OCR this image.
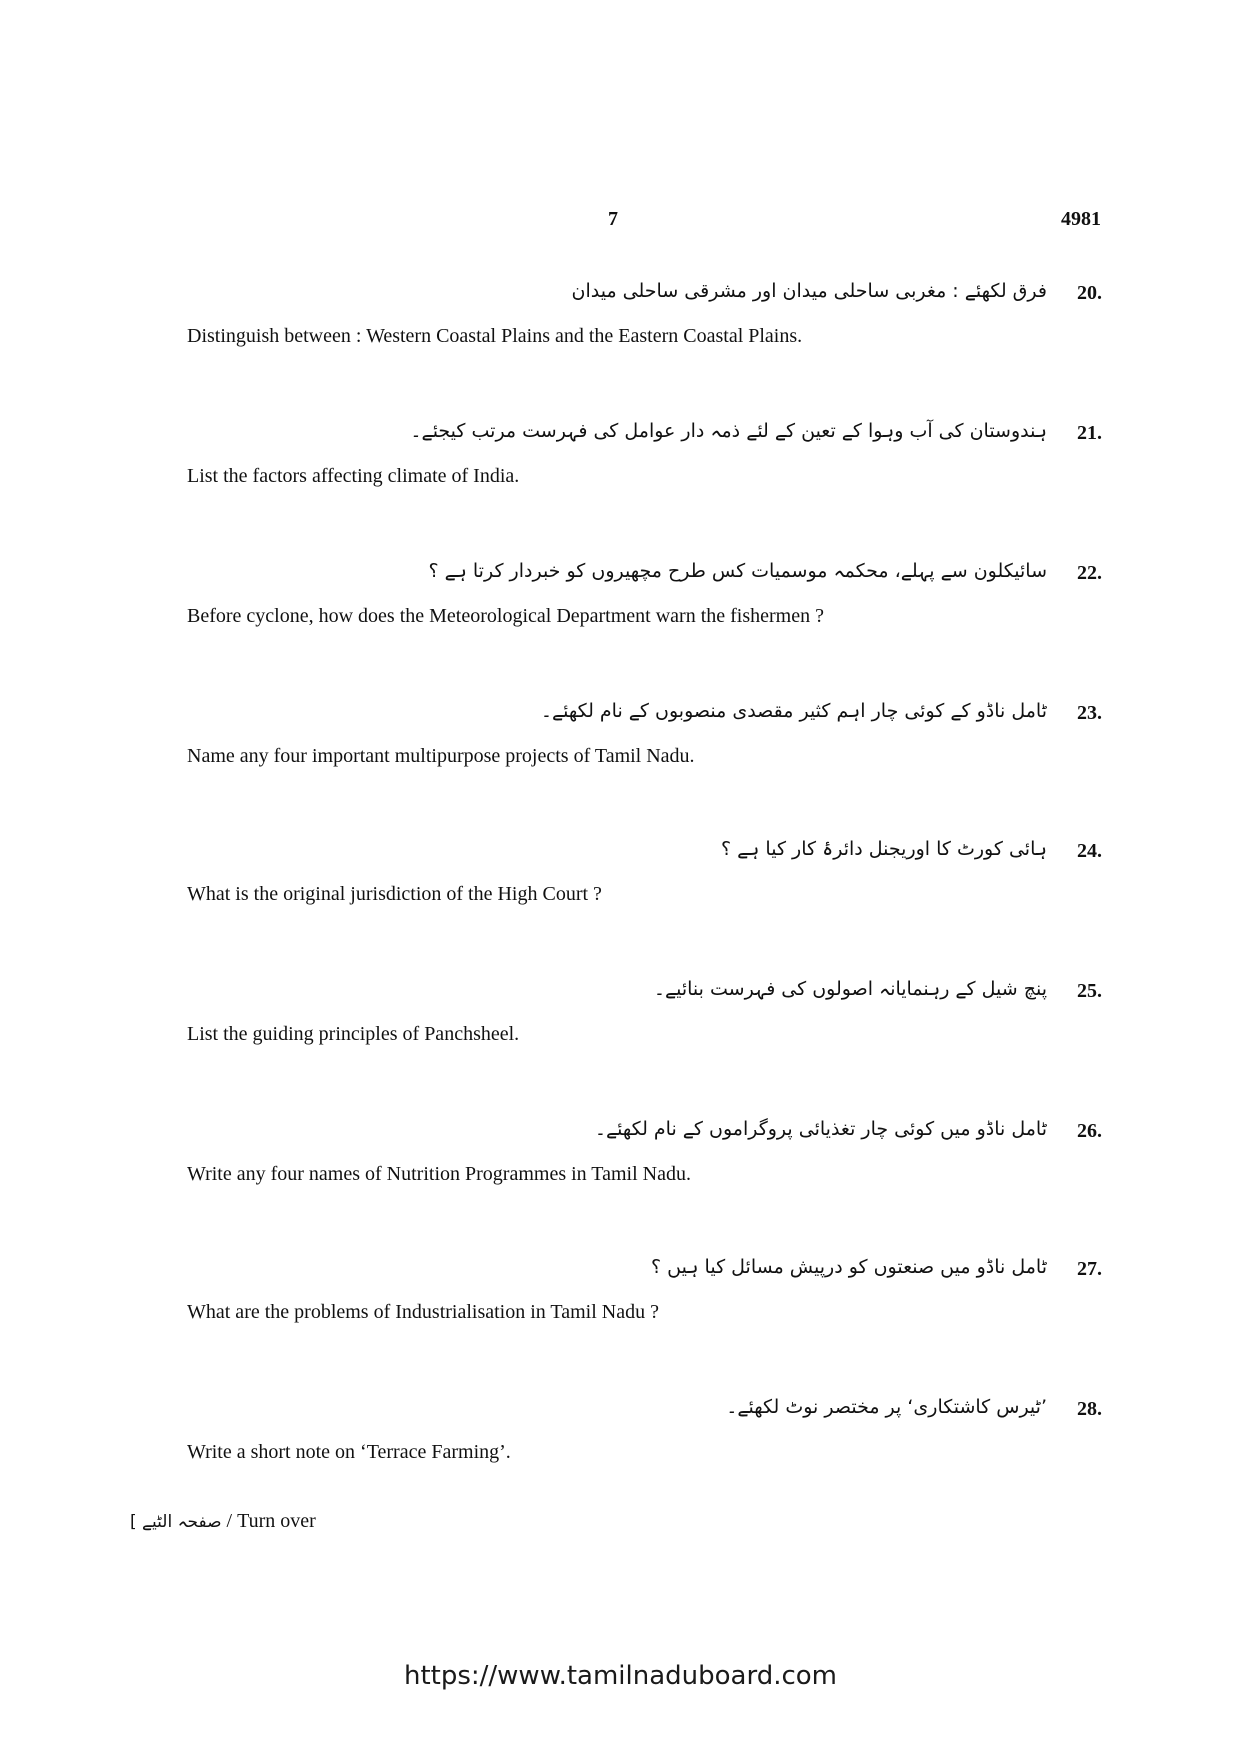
7	4981
20.
فرق لکھئے : مغربی ساحلی میدان اور مشرقی ساحلی میدان
Distinguish between : Western Coastal Plains and the Eastern Coastal Plains.
21.
ہندوستان کی آب وہوا کے تعین کے لئے ذمہ دار عوامل کی فہرست مرتب کیجئے۔
List the factors affecting climate of India.
22.
سائیکلون سے پہلے، محکمہ موسمیات کس طرح مچھیروں کو خبردار کرتا ہے ؟
Before cyclone, how does the Meteorological Department warn the fishermen ?
23.
ٹامل ناڈو کے کوئی چار اہم کثیر مقصدی منصوبوں کے نام لکھئے۔
Name any four important multipurpose projects of Tamil Nadu.
24.
ہائی کورٹ کا اوریجنل دائرۂ کار کیا ہے ؟
What is the original jurisdiction of the High Court ?
25.
پنچ شیل کے رہنمایانہ اصولوں کی فہرست بنائیے۔
List the guiding principles of Panchsheel.
26.
ٹامل ناڈو میں کوئی چار تغذیائی پروگراموں کے نام لکھئے۔
Write any four names of Nutrition Programmes in Tamil Nadu.
27.
ٹامل ناڈو میں صنعتوں کو درپیش مسائل کیا ہیں ؟
What are the problems of Industrialisation in Tamil Nadu ?
28.
’ٹیرس کاشتکاری‘ پر مختصر نوٹ لکھئے۔
Write a short note on ‘Terrace Farming’.
[ صفحہ الٹیے / Turn over
https://www.tamilnaduboard.com
